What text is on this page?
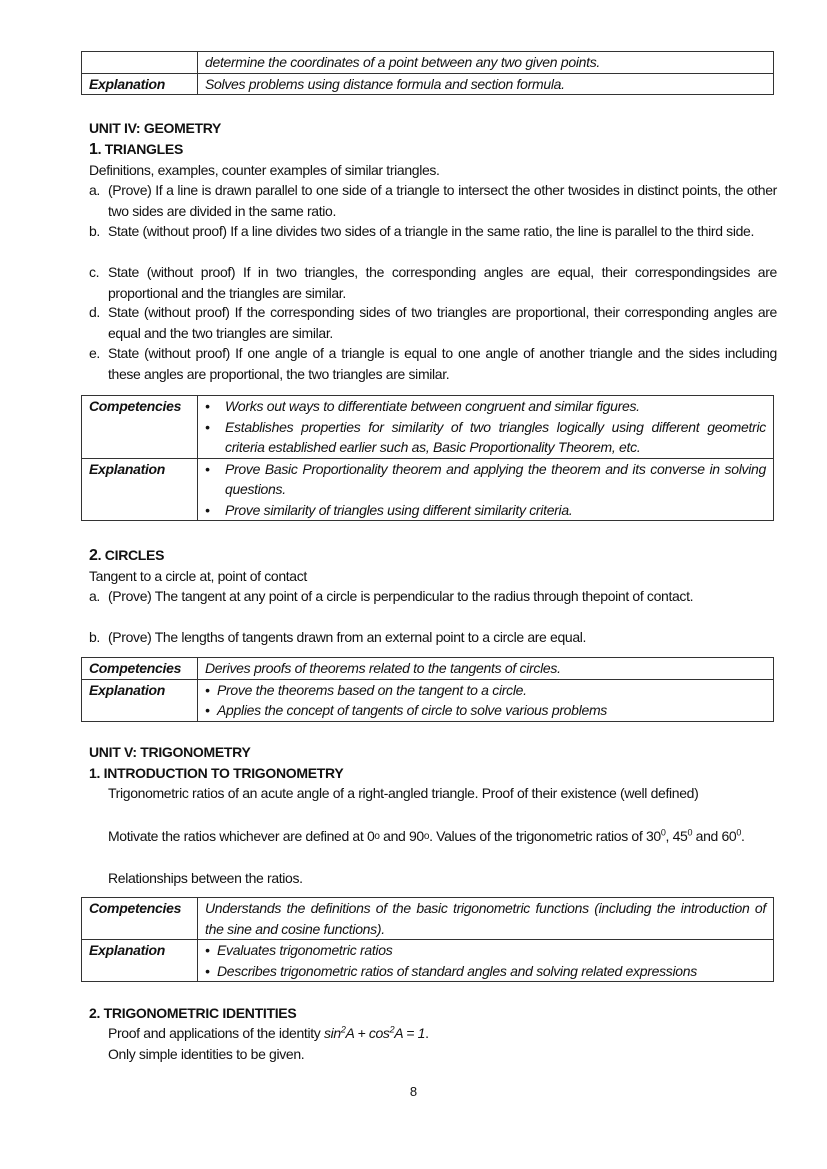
	determine the coordinates of a point between any two given points.
Explanation	Solves problems using distance formula and section formula.
UNIT IV: GEOMETRY
1. TRIANGLES
Definitions, examples, counter examples of similar triangles.
a. (Prove) If a line is drawn parallel to one side of a triangle to intersect the other twosides in distinct points, the other two sides are divided in the same ratio.
b. State (without proof) If a line divides two sides of a triangle in the same ratio, the line is parallel to the third side.
c. State (without proof) If in two triangles, the corresponding angles are equal, their correspondingsides are proportional and the triangles are similar.
d. State (without proof) If the corresponding sides of two triangles are proportional, their corresponding angles are equal and the two triangles are similar.
e. State (without proof) If one angle of a triangle is equal to one angle of another triangle and the sides including these angles are proportional, the two triangles are similar.
Competencies	• Works out ways to differentiate between congruent and similar figures.
• Establishes properties for similarity of two triangles logically using different geometric criteria established earlier such as, Basic Proportionality Theorem, etc.

Explanation	• Prove Basic Proportionality theorem and applying the theorem and its converse in solving questions.
• Prove similarity of triangles using different similarity criteria.
2. CIRCLES
Tangent to a circle at, point of contact
a. (Prove) The tangent at any point of a circle is perpendicular to the radius through thepoint of contact.
b. (Prove) The lengths of tangents drawn from an external point to a circle are equal.
Competencies	Derives proofs of theorems related to the tangents of circles.
Explanation	• Prove the theorems based on the tangent to a circle.
• Applies the concept of tangents of circle to solve various problems
UNIT V: TRIGONOMETRY
1. INTRODUCTION TO TRIGONOMETRY
Trigonometric ratios of an acute angle of a right-angled triangle. Proof of their existence (well defined)
Motivate the ratios whichever are defined at 0o and 90o. Values of the trigonometric ratios of $30^0$, $45^0$ and $60^0$.
Relationships between the ratios.
Competencies	Understands the definitions of the basic trigonometric functions (including the introduction of the sine and cosine functions).
Explanation	• Evaluates trigonometric ratios
• Describes trigonometric ratios of standard angles and solving related expressions
2. TRIGONOMETRIC IDENTITIES
Proof and applications of the identity $\sin^2A + \cos^2A = 1$.
Only simple identities to be given.
8
